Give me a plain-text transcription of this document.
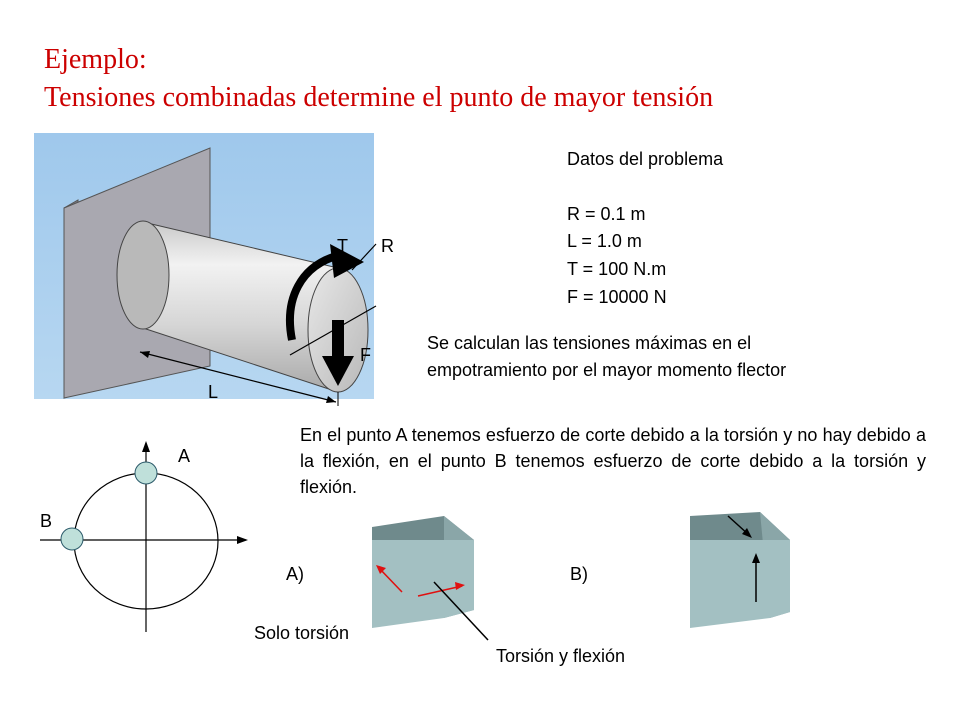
Ejemplo:
Tensiones combinadas determine el punto de mayor tensión
Datos del problema
R = 0.1 m
L = 1.0 m
T = 100 N.m
F = 10000 N
Se calculan las tensiones máximas en el
empotramiento por el mayor momento flector
En el punto A tenemos esfuerzo de corte debido a la torsión y no hay debido a la flexión, en el punto B tenemos esfuerzo de corte debido a la torsión y flexión.
T R
F
L
A
B
A)	B)
Solo torsión
Torsión y flexión
